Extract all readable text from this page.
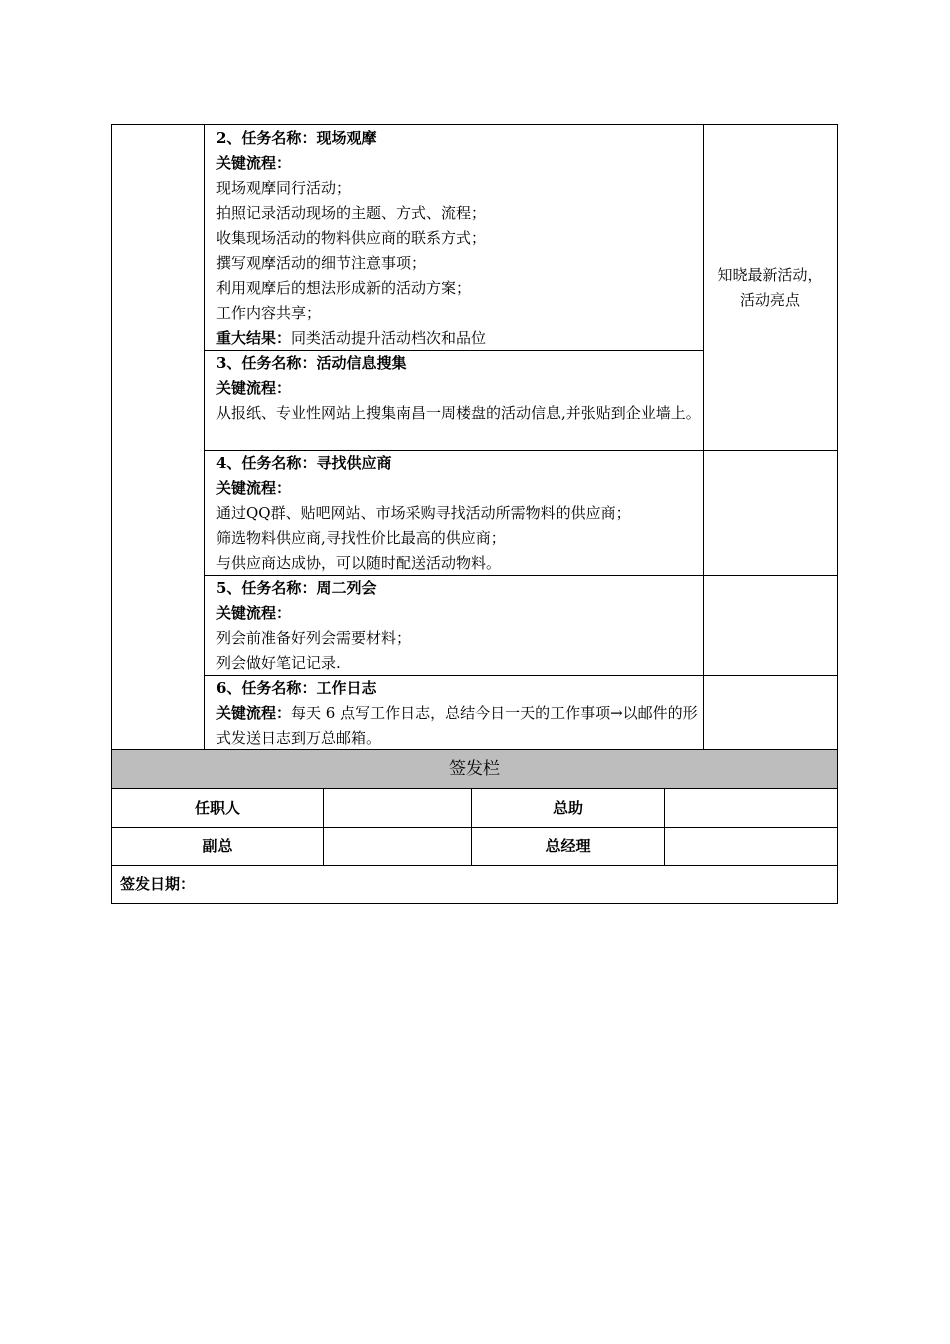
2、任务名称：现场观摩
关键流程：
现场观摩同行活动；
拍照记录活动现场的主题、方式、流程；
收集现场活动的物料供应商的联系方式；
撰写观摩活动的细节注意事项；
利用观摩后的想法形成新的活动方案；
工作内容共享；
重大结果：同类活动提升活动档次和品位
3、任务名称：活动信息搜集
关键流程：
从报纸、专业性网站上搜集南昌一周楼盘的活动信息,并张贴到企业墙上。
4、任务名称：寻找供应商
关键流程：
通过QQ群、贴吧网站、市场采购寻找活动所需物料的供应商；
筛选物料供应商,寻找性价比最高的供应商；
与供应商达成协，可以随时配送活动物料。
5、任务名称：周二列会
关键流程：
列会前准备好列会需要材料；
列会做好笔记记录.
6、任务名称：工作日志
关键流程：每天 6 点写工作日志，总结今日一天的工作事项→以邮件的形式发送日志到万总邮箱。
知晓最新活动，
活动亮点
签发栏
任职人	总助
副总	总经理
签发日期：
